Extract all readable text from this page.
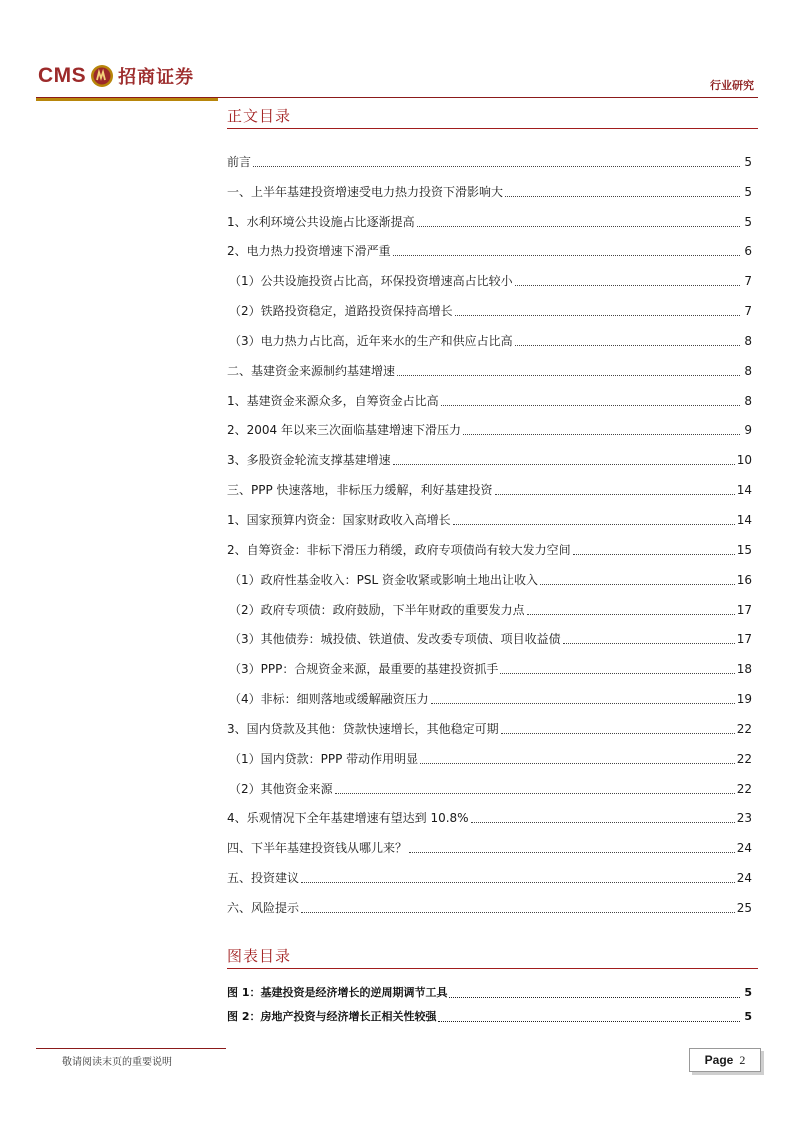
CMS 招商证券	行业研究
正文目录
前言	5
一、上半年基建投资增速受电力热力投资下滑影响大	5
1、水利环境公共设施占比逐渐提高	5
2、电力热力投资增速下滑严重	6
（1）公共设施投资占比高，环保投资增速高占比较小	7
（2）铁路投资稳定，道路投资保持高增长	7
（3）电力热力占比高，近年来水的生产和供应占比高	8
二、基建资金来源制约基建增速	8
1、基建资金来源众多，自筹资金占比高	8
2、2004 年以来三次面临基建增速下滑压力	9
3、多股资金轮流支撑基建增速	10
三、PPP 快速落地，非标压力缓解，利好基建投资	14
1、国家预算内资金：国家财政收入高增长	14
2、自筹资金：非标下滑压力稍缓，政府专项债尚有较大发力空间	15
（1）政府性基金收入：PSL 资金收紧或影响土地出让收入	16
（2）政府专项债：政府鼓励，下半年财政的重要发力点	17
（3）其他债券：城投债、铁道债、发改委专项债、项目收益债	17
（3）PPP：合规资金来源，最重要的基建投资抓手	18
（4）非标：细则落地或缓解融资压力	19
3、国内贷款及其他：贷款快速增长，其他稳定可期	22
（1）国内贷款：PPP 带动作用明显	22
（2）其他资金来源	22
4、乐观情况下全年基建增速有望达到 10.8%	23
四、下半年基建投资钱从哪儿来？	24
五、投资建议	24
六、风险提示	25
图表目录
图 1：基建投资是经济增长的逆周期调节工具	5
图 2：房地产投资与经济增长正相关性较强	5
敬请阅读末页的重要说明	Page 2
